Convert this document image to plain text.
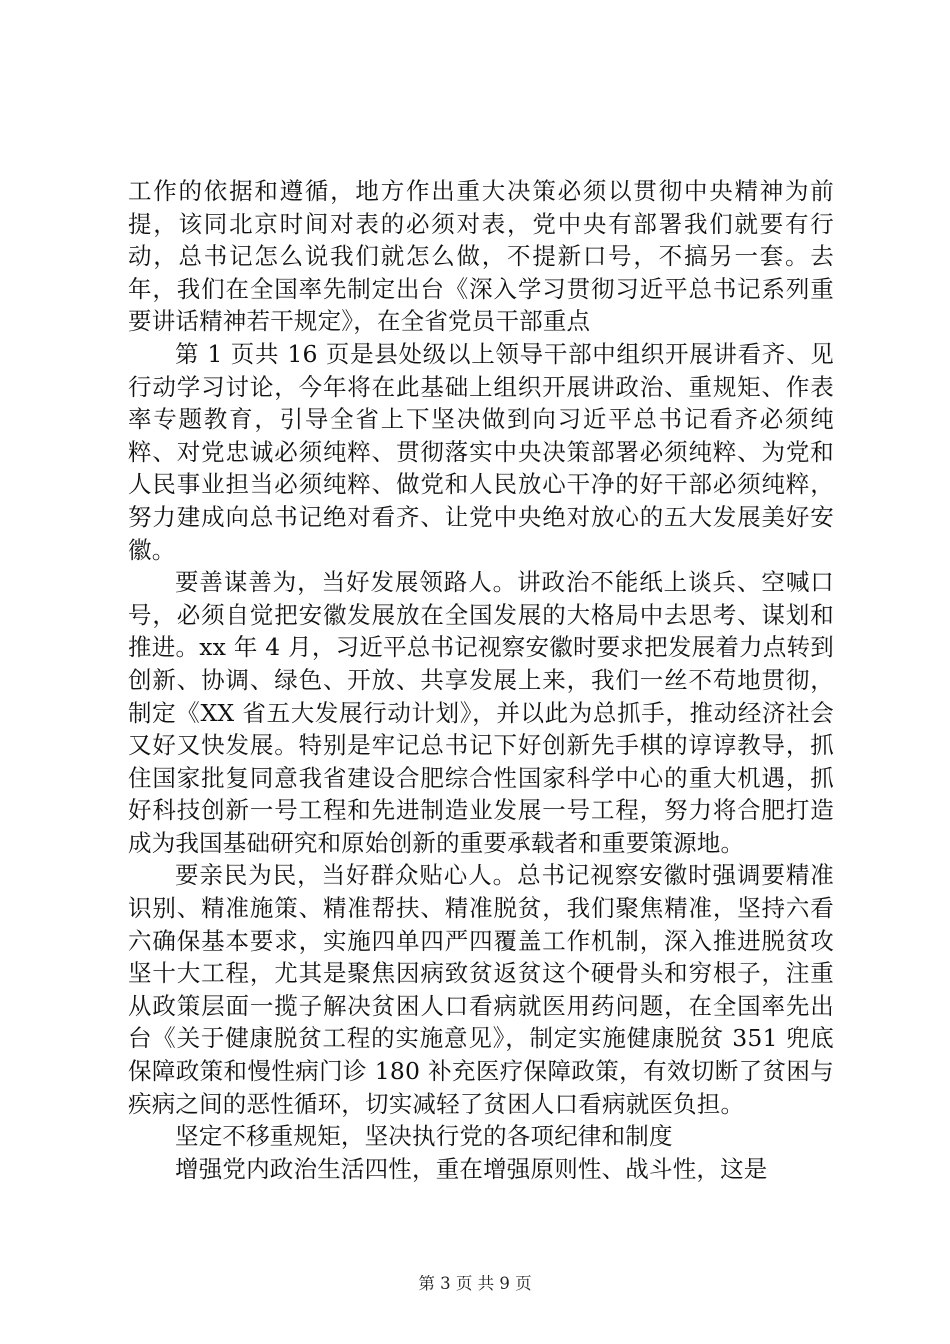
工作的依据和遵循，地方作出重大决策必须以贯彻中央精神为前提，该同北京时间对表的必须对表，党中央有部署我们就要有行动，总书记怎么说我们就怎么做，不提新口号，不搞另一套。去年，我们在全国率先制定出台《深入学习贯彻习近平总书记系列重要讲话精神若干规定》，在全省党员干部重点

第 1 页共 16 页是县处级以上领导干部中组织开展讲看齐、见行动学习讨论，今年将在此基础上组织开展讲政治、重规矩、作表率专题教育，引导全省上下坚决做到向习近平总书记看齐必须纯粹、对党忠诚必须纯粹、贯彻落实中央决策部署必须纯粹、为党和人民事业担当必须纯粹、做党和人民放心干净的好干部必须纯粹，努力建成向总书记绝对看齐、让党中央绝对放心的五大发展美好安徽。

要善谋善为，当好发展领路人。讲政治不能纸上谈兵、空喊口号，必须自觉把安徽发展放在全国发展的大格局中去思考、谋划和推进。xx 年 4 月，习近平总书记视察安徽时要求把发展着力点转到创新、协调、绿色、开放、共享发展上来，我们一丝不苟地贯彻，制定《XX 省五大发展行动计划》，并以此为总抓手，推动经济社会又好又快发展。特别是牢记总书记下好创新先手棋的谆谆教导，抓住国家批复同意我省建设合肥综合性国家科学中心的重大机遇，抓好科技创新一号工程和先进制造业发展一号工程，努力将合肥打造成为我国基础研究和原始创新的重要承载者和重要策源地。

要亲民为民，当好群众贴心人。总书记视察安徽时强调要精准识别、精准施策、精准帮扶、精准脱贫，我们聚焦精准，坚持六看六确保基本要求，实施四单四严四覆盖工作机制，深入推进脱贫攻坚十大工程，尤其是聚焦因病致贫返贫这个硬骨头和穷根子，注重从政策层面一揽子解决贫困人口看病就医用药问题，在全国率先出台《关于健康脱贫工程的实施意见》，制定实施健康脱贫 351 兜底保障政策和慢性病门诊 180 补充医疗保障政策，有效切断了贫困与疾病之间的恶性循环，切实减轻了贫困人口看病就医负担。

坚定不移重规矩，坚决执行党的各项纪律和制度

增强党内政治生活四性，重在增强原则性、战斗性，这是

第 3 页 共 9 页
